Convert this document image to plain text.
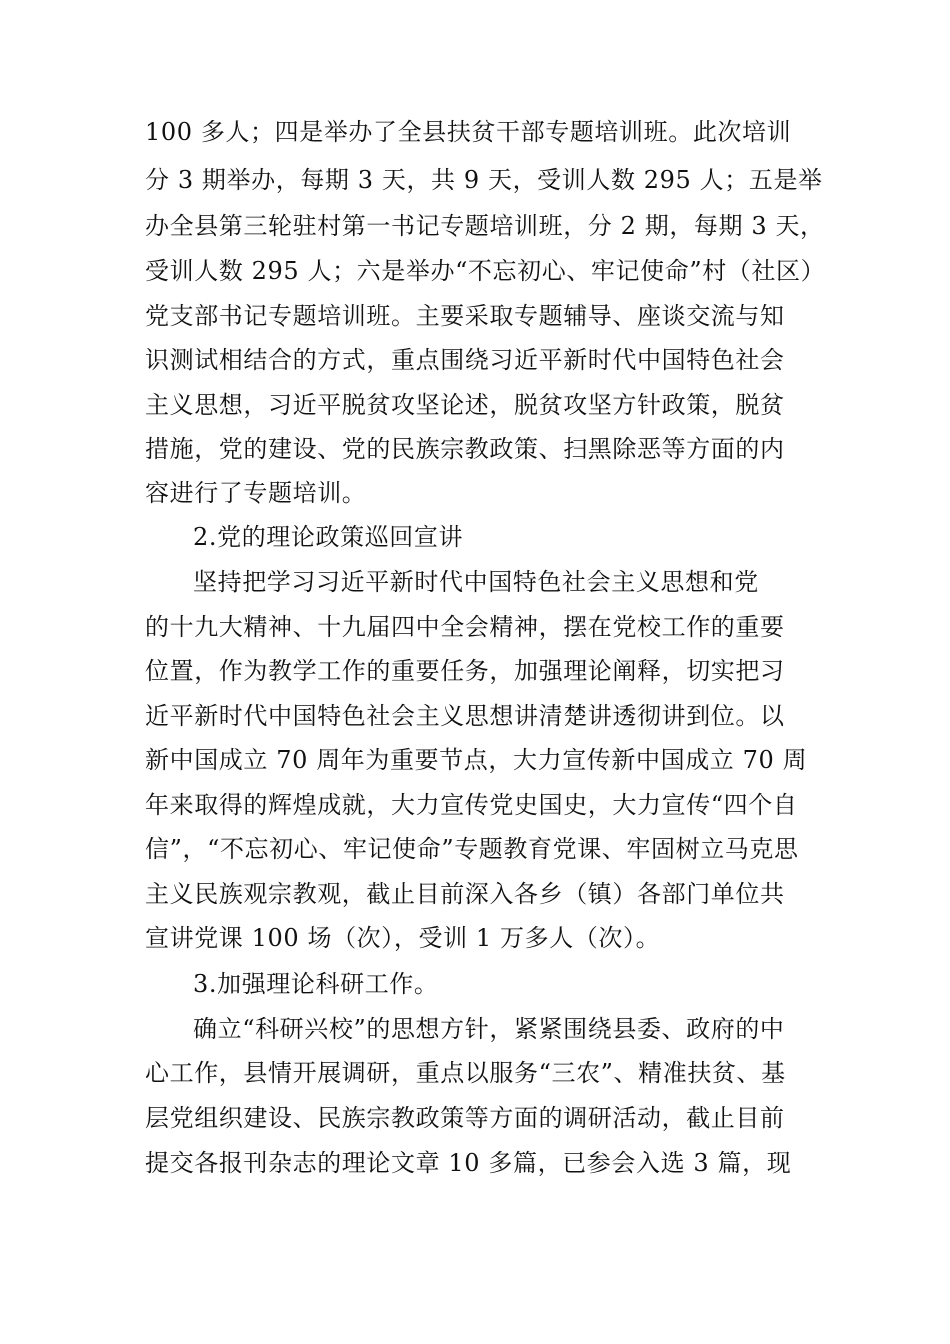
100 多人；四是举办了全县扶贫干部专题培训班。此次培训
分 3 期举办，每期 3 天，共 9 天，受训人数 295 人；五是举
办全县第三轮驻村第一书记专题培训班，分 2 期，每期 3 天，
受训人数 295 人；六是举办“不忘初心、牢记使命”村（社区）
党支部书记专题培训班。主要采取专题辅导、座谈交流与知
识测试相结合的方式，重点围绕习近平新时代中国特色社会
主义思想，习近平脱贫攻坚论述，脱贫攻坚方针政策，脱贫
措施，党的建设、党的民族宗教政策、扫黑除恶等方面的内
容进行了专题培训。
2.党的理论政策巡回宣讲
坚持把学习习近平新时代中国特色社会主义思想和党
的十九大精神、十九届四中全会精神，摆在党校工作的重要
位置，作为教学工作的重要任务，加强理论阐释，切实把习
近平新时代中国特色社会主义思想讲清楚讲透彻讲到位。以
新中国成立 70 周年为重要节点，大力宣传新中国成立 70 周
年来取得的辉煌成就，大力宣传党史国史，大力宣传“四个自
信”，“不忘初心、牢记使命”专题教育党课、牢固树立马克思
主义民族观宗教观，截止目前深入各乡（镇）各部门单位共
宣讲党课 100 场（次），受训 1 万多人（次）。
3.加强理论科研工作。
确立“科研兴校”的思想方针，紧紧围绕县委、政府的中
心工作，县情开展调研，重点以服务“三农”、精准扶贫、基
层党组织建设、民族宗教政策等方面的调研活动，截止目前
提交各报刊杂志的理论文章 10 多篇，已参会入选 3 篇，现
